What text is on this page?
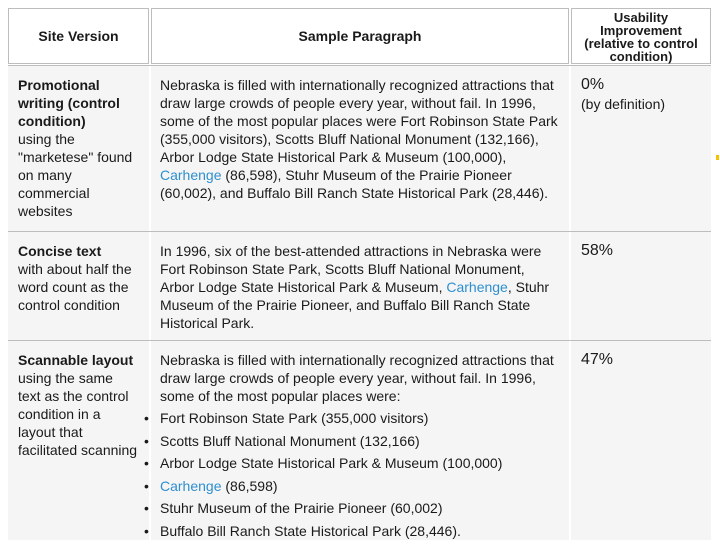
Site Version	Sample Paragraph
Usability
Improvement
(relative to control
condition)
Promotional
writing (control
condition)
using the
"marketese" found
on many
commercial
websites
Nebraska is filled with internationally recognized attractions that
draw large crowds of people every year, without fail. In 1996,
some of the most popular places were Fort Robinson State Park
(355,000 visitors), Scotts Bluff National Monument (132,166),
Arbor Lodge State Historical Park & Museum (100,000),
Carhenge (86,598), Stuhr Museum of the Prairie Pioneer
(60,002), and Buffalo Bill Ranch State Historical Park (28,446).
0%
(by definition)
Concise text
with about half the
word count as the
control condition
In 1996, six of the best-attended attractions in Nebraska were
Fort Robinson State Park, Scotts Bluff National Monument,
Arbor Lodge State Historical Park & Museum, Carhenge, Stuhr
Museum of the Prairie Pioneer, and Buffalo Bill Ranch State
Historical Park.
58%
Scannable layout
using the same
text as the control
condition in a
layout that
facilitated scanning
Nebraska is filled with internationally recognized attractions that
draw large crowds of people every year, without fail. In 1996,
some of the most popular places were:
• Fort Robinson State Park (355,000 visitors)
• Scotts Bluff National Monument (132,166)
• Arbor Lodge State Historical Park & Museum (100,000)
• Carhenge (86,598)
• Stuhr Museum of the Prairie Pioneer (60,002)
• Buffalo Bill Ranch State Historical Park (28,446).
47%
